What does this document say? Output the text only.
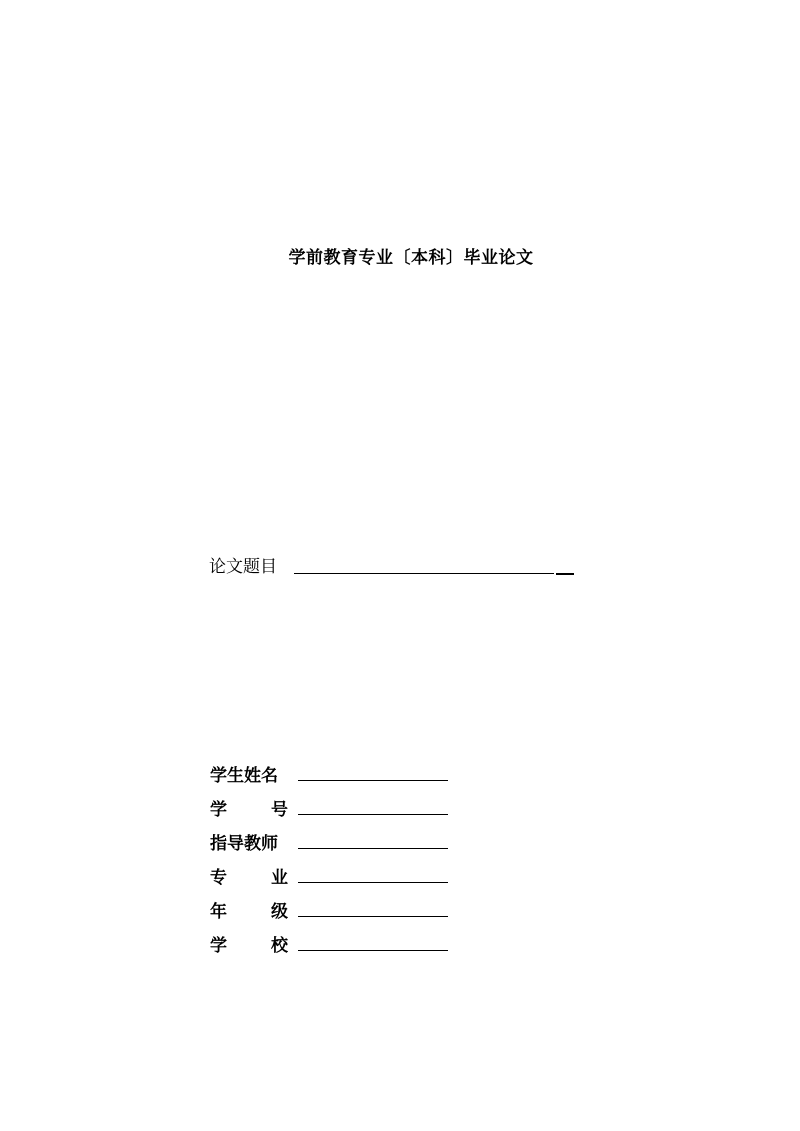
学前教育专业〔本科〕毕业论文
论文题目
学生姓名
学	号
指导教师
专	业
年	级
学	校
